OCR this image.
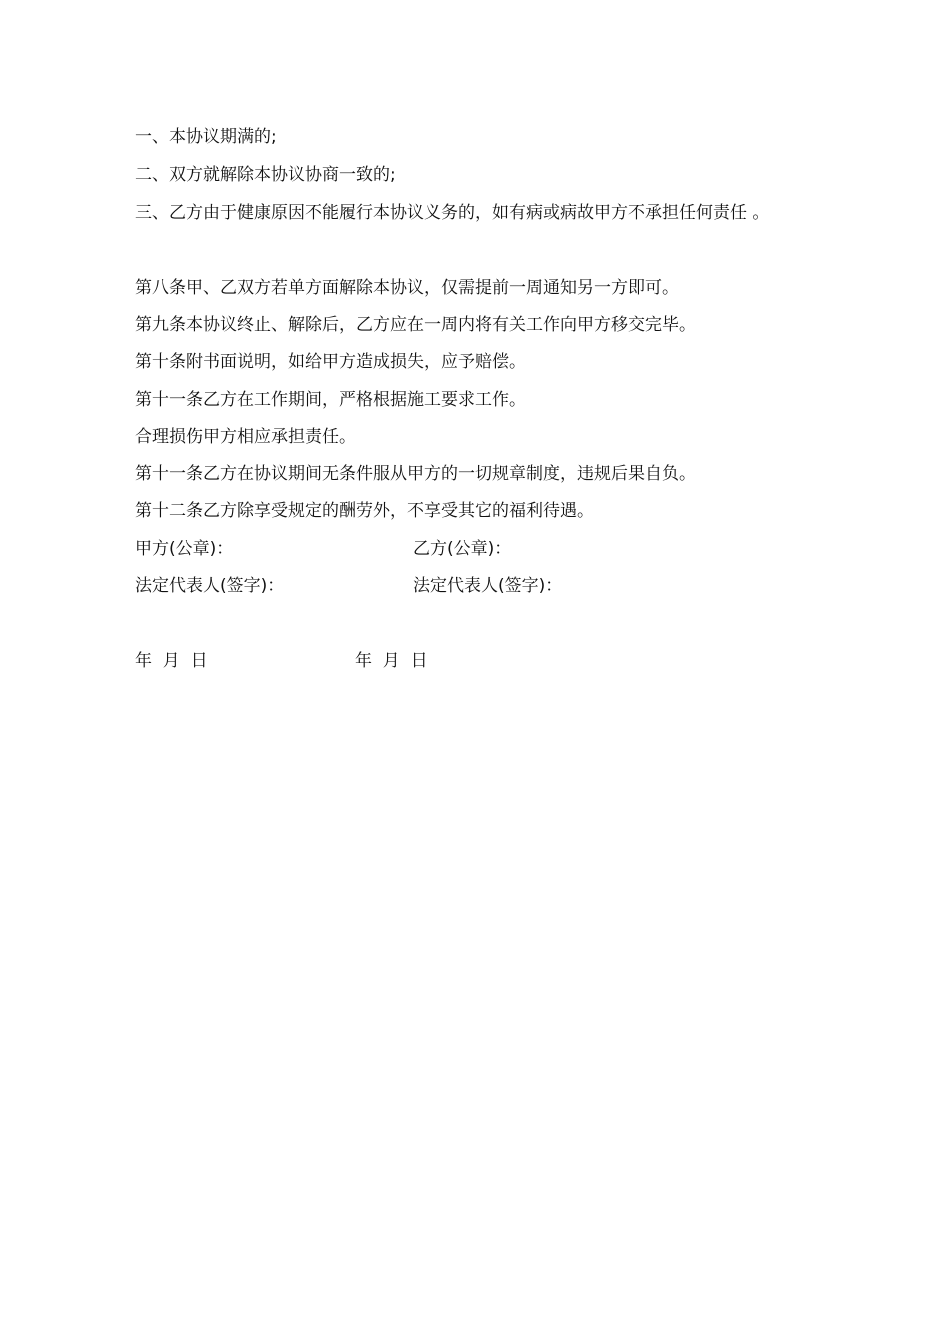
一、本协议期满的;
二、双方就解除本协议协商一致的;
三、乙方由于健康原因不能履行本协议义务的，如有病或病故甲方不承担任何责任 。
第八条甲、乙双方若单方面解除本协议，仅需提前一周通知另一方即可。
第九条本协议终止、解除后，乙方应在一周内将有关工作向甲方移交完毕。
第十条附书面说明，如给甲方造成损失，应予赔偿。
第十一条乙方在工作期间，严格根据施工要求工作。
合理损伤甲方相应承担责任。
第十一条乙方在协议期间无条件服从甲方的一切规章制度，违规后果自负。
第十二条乙方除享受规定的酬劳外，不享受其它的福利待遇。
甲方(公章)：	乙方(公章)：
法定代表人(签字)：	法定代表人(签字)：
年  月  日	年  月  日
